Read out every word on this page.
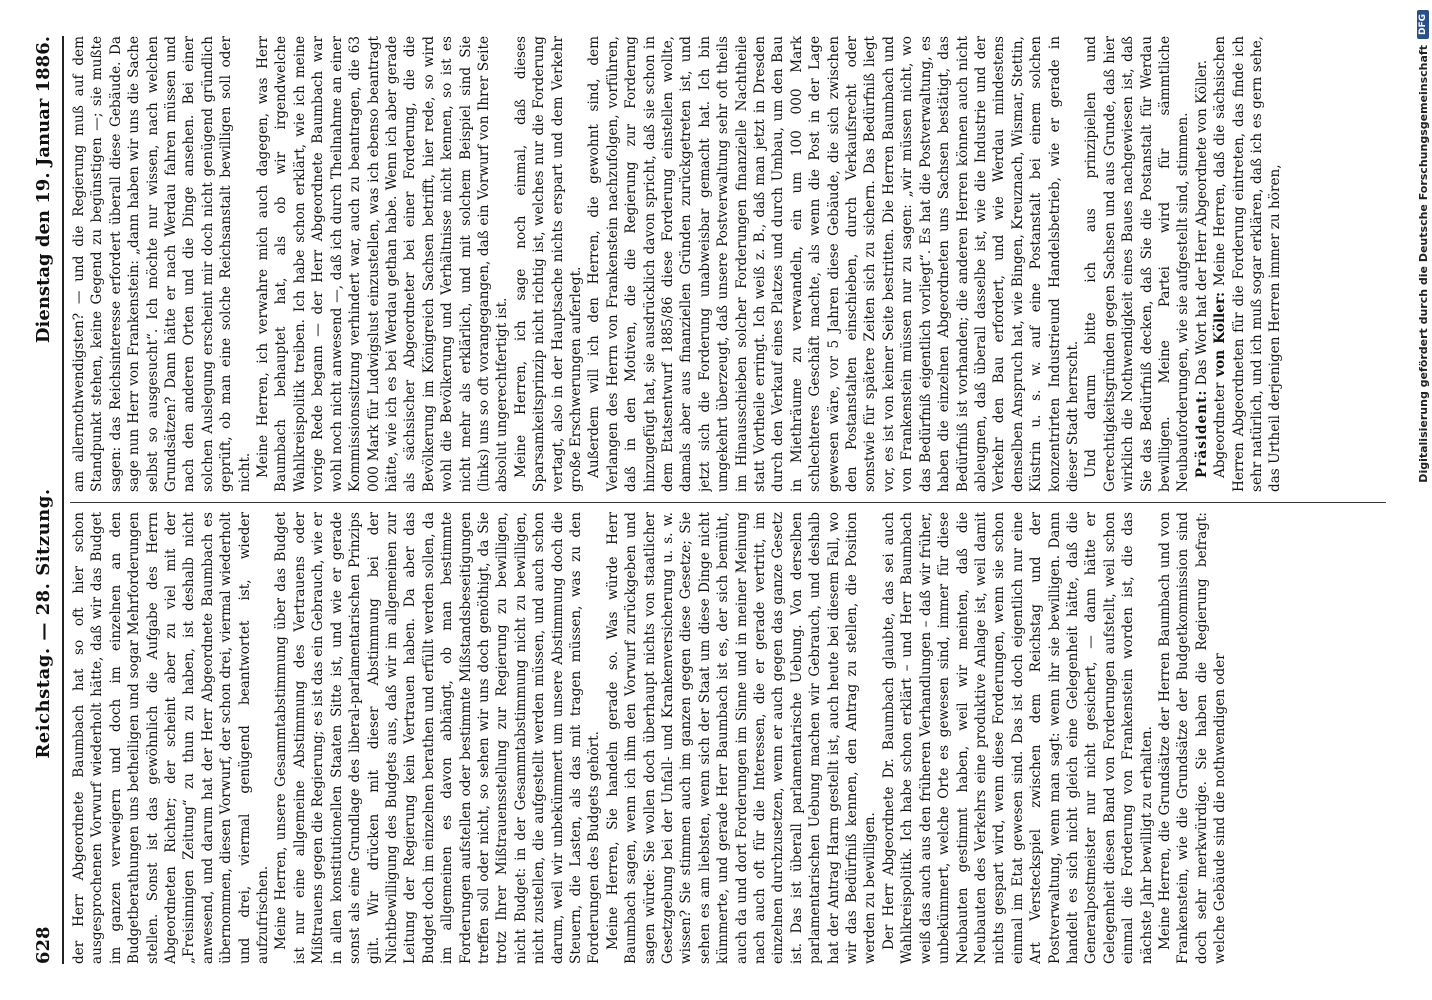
628
Reichstag. — 28. Sitzung.
Dienstag den 19. Januar 1886.

der Herr Abgeordnete Baumbach hat so oft hier schon ausgesprochenen Vorwurf wiederholt hätte, daß wir das Budget im ganzen verweigern und doch im einzelnen an den Budgetberathungen uns betheiligen und sogar Mehrforderungen stellen. Sonst ist das gewöhnlich die Aufgabe des Herrn Abgeordneten Richter; der scheint aber zu viel mit der „Freisinnigen Zeitung“ zu thun zu haben, ist deshalb nicht anwesend, und darum hat der Herr Abgeordnete Baumbach es übernommen, diesen Vorwurf, der schon drei, viermal wiederholt und drei, viermal genügend beantwortet ist, wieder aufzufrischen. Meine Herren, unsere Gesammtabstimmung über das Budget ist nur eine allgemeine Abstimmung des Vertrauens oder Mißtrauens gegen die Regierung; es ist das ein Gebrauch, wie er in allen konstitutionellen Staaten Sitte ist, und wie er gerade sonst als eine Grundlage des liberal-parlamentarischen Prinzips gilt. Wir drücken mit dieser Abstimmung bei der Nichtbewilligung des Budgets aus, daß wir im allgemeinen zur Leitung der Regierung kein Vertrauen haben. Da aber das Budget doch im einzelnen berathen und erfüllt werden sollen, da im allgemeinen es davon abhängt, ob man bestimmte Forderungen aufstellen oder bestimmte Mißstandsbeseitigungen treffen soll oder nicht, so sehen wir uns doch genöthigt, da Sie trotz Ihrer Mißtrauensstellung zur Regierung zu bewilligen, nicht Budget: in der Gesammtabstimmung nicht zu bewilligen, nicht zustellen, die aufgestellt werden müssen, und auch schon darum, weil wir unbekümmert um unsere Abstimmung doch die Steuern, die Lasten, als das mit tragen müssen, was zu den Forderungen des Budgets gehört. Meine Herren, Sie handeln gerade so. Was würde Herr Baumbach sagen, wenn ich ihm den Vorwurf zurückgeben und sagen würde: Sie wollen doch überhaupt nichts von staatlicher Gesetzgebung bei der Unfall- und Krankenversicherung u. s. w. wissen? Sie stimmen auch im ganzen gegen diese Gesetze; Sie sehen es am liebsten, wenn sich der Staat um diese Dinge nicht kümmerte, und gerade Herr Baumbach ist es, der sich bemüht, auch da und dort Forderungen im Sinne und in meiner Meinung nach auch oft für die Interessen, die er gerade vertritt, im einzelnen durchzusetzen, wenn er auch gegen das ganze Gesetz ist. Das ist überall parlamentarische Uebung. Von derselben parlamentarischen Uebung machen wir Gebrauch, und deshalb hat der Antrag Harm gestellt ist, auch heute bei diesem Fall, wo wir das Bedürfniß kennen, den Antrag zu stellen, die Position werden zu bewilligen. Der Herr Abgeordnete Dr. Baumbach glaubte, das sei auch Wahlkreispolitik. Ich habe schon erklärt – und Herr Baumbach weiß das auch aus den früheren Verhandlungen – daß wir früher, unbekümmert, welche Orte es gewesen sind, immer für diese Neubauten gestimmt haben, weil wir meinten, daß die Neubauten des Verkehrs eine produktive Anlage ist, weil damit nichts gespart wird, wenn diese Forderungen, wenn sie schon einmal im Etat gewesen sind. Das ist doch eigentlich nur eine Art Versteckspiel zwischen dem Reichstag und der Postverwaltung, wenn man sagt: wenn ihr sie bewilligen. Dann handelt es sich nicht gleich eine Gelegenheit hätte, daß die Generalpostmeister nur nicht gesichert, — dann hätte er Gelegenheit diesen Band von Forderungen aufstellt, weil schon einmal die Forderung von Frankenstein worden ist, die das nächste Jahr bewilligt zu erhalten. Meine Herren, die Grundsätze der Herren Baumbach und von Frankenstein, wie die Grundsätze der Budgetkommission sind doch sehr merkwürdige. Sie haben die Regierung befragt: welche Gebäude sind die nothwendigen oder

am allernothwendigsten? — und die Regierung muß auf dem Standpunkt stehen, keine Gegend zu begünstigen —; sie mußte sagen: das Reichsinteresse erfordert überall diese Gebäude. Da sage nun Herr von Frankenstein: „dann haben wir uns die Sache selbst so ausgesucht“. Ich möchte nur wissen, nach welchen Grundsätzen? Dann hätte er nach Werdau fahren müssen und nach den anderen Orten und die Dinge ansehen. Bei einer solchen Auslegung erscheint mir doch nicht genügend gründlich geprüft, ob man eine solche Reichsanstalt bewilligen soll oder nicht. Meine Herren, ich verwahre mich auch dagegen, was Herr Baumbach behauptet hat, als ob wir irgendwelche Wahlkreispolitik treiben. Ich habe schon erklärt, wie ich meine vorige Rede begann — der Herr Abgeordnete Baumbach war wohl noch nicht anwesend —, daß ich durch Theilnahme an einer Kommissionssitzung verhindert war, auch zu beantragen, die 63 000 Mark für Ludwigslust einzustellen, was ich ebenso beantragt hätte, wie ich es bei Werdau gethan habe. Wenn ich aber gerade als sächsischer Abgeordneter bei einer Forderung, die die Bevölkerung im Königreich Sachsen betrifft, hier rede, so wird wohl die Bevölkerung und Verhältnisse nicht kennen, so ist es nicht mehr als erklärlich, und mit solchem Beispiel sind Sie (links) uns so oft vorangegangen, daß ein Vorwurf von Ihrer Seite absolut ungerechtfertigt ist. Meine Herren, ich sage noch einmal, daß dieses Sparsamkeitsprinzip nicht richtig ist, welches nur die Forderung vertagt, also in der Hauptsache nichts erspart und dem Verkehr große Erschwerungen auferlegt. Außerdem will ich den Herren, die gewohnt sind, dem Verlangen des Herrn von Frankenstein nachzufolgen, vorführen, daß in den Motiven, die die Regierung zur Forderung hinzugefügt hat, sie ausdrücklich davon spricht, daß sie schon in dem Etatsentwurf 1885/86 diese Forderung einstellen wollte, damals aber aus finanziellen Gründen zurückgetreten ist, und jetzt sich die Forderung unabweisbar gemacht hat. Ich bin umgekehrt überzeugt, daß unsere Postverwaltung sehr oft theils im Hinausschieben solcher Forderungen finanzielle Nachtheile statt Vortheile erringt. Ich weiß z. B., daß man jetzt in Dresden durch den Verkauf eines Platzes und durch Umbau, um den Bau in Miethräume zu verwandeln, ein um 100 000 Mark schlechteres Geschäft machte, als wenn die Post in der Lage gewesen wäre, vor 5 Jahren diese Gebäude, die sich zwischen den Postanstalten einschieben, durch Verkaufsrecht oder sonstwie für spätere Zeiten sich zu sichern. Das Bedürfniß liegt vor, es ist von keiner Seite bestritten. Die Herren Baumbach und von Frankenstein müssen nur zu sagen: „wir müssen nicht, wo das Bedürfniß eigentlich vorliegt“. Es hat die Postverwaltung, es haben die einzelnen Abgeordneten uns Sachsen bestätigt, das Bedürfniß ist vorhanden; die anderen Herren können auch nicht ableugnen, daß überall dasselbe ist, wie die Industrie und der Verkehr den Bau erfordert, und wie Werdau mindestens denselben Anspruch hat, wie Bingen, Kreuznach, Wismar, Stettin, Küstrin u. s. w. auf eine Postanstalt bei einem solchen konzentrirten Industrieund Handelsbetrieb, wie er gerade in dieser Stadt herrscht. Und darum bitte ich aus prinzipiellen und Gerechtigkeitsgründen gegen Sachsen und aus Grunde, daß hier wirklich die Nothwendigkeit eines Baues nachgewiesen ist, daß Sie das Bedürfniß decken, daß Sie die Postanstalt für Werdau bewilligen. Meine Partei wird für sämmtliche Neubauforderungen, wie sie aufgestellt sind, stimmen. Präsident: Das Wort hat der Herr Abgeordnete von Köller.

Abgeordneter von Köller: Meine Herren, daß die sächsischen Herren Abgeordneten für die Forderung eintreten, das finde ich sehr natürlich, und ich muß sogar erklären, daß ich es gern sehe, das Urtheil derjenigen Herren immer zu hören,	Digitalisierung gefördert durch die Deutsche Forschungsgemeinschaft
DFG
